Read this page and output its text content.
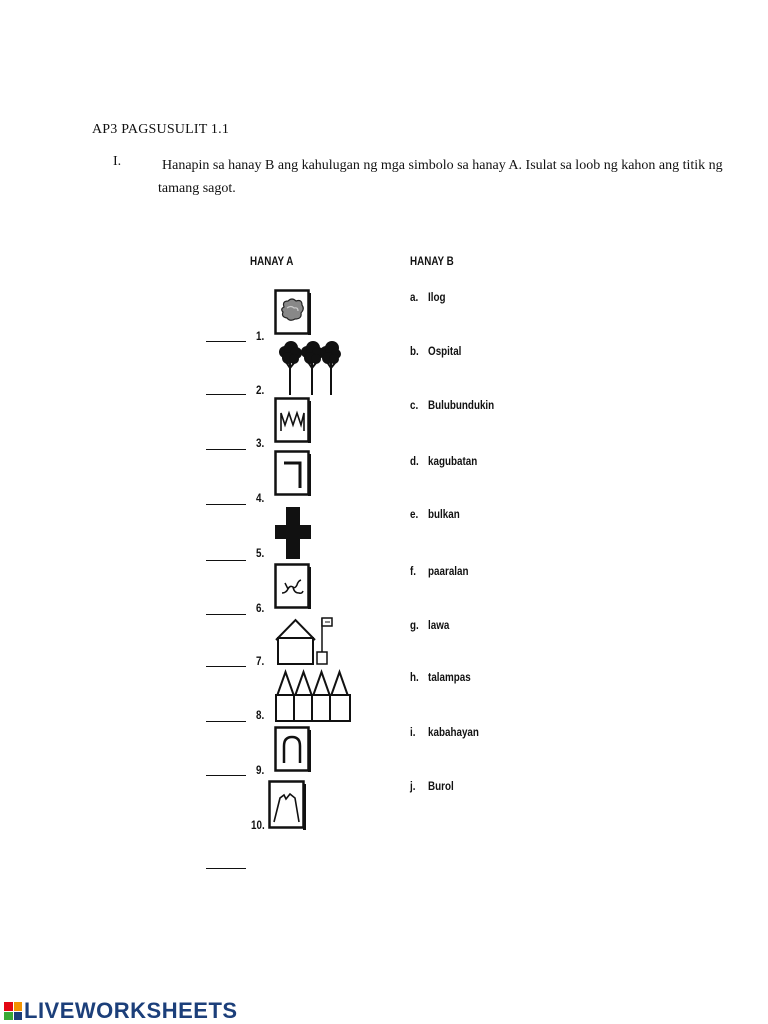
AP3 PAGSUSULIT 1.1
I.	Hanapin sa hanay B ang kahulugan ng mga simbolo sa hanay A. Isulat sa loob ng kahon ang titik ng tamang sagot.
HANAY A	HANAY B
1.
2.
3.
4.
5.
6.
7.
8.
9.
10.
a. Ilog
b. Ospital
c. Bulubundukin
d. kagubatan
e. bulkan
f. paaralan
g. lawa
h. talampas
i. kabahayan
j. Burol
LIVEWORKSHEETS
